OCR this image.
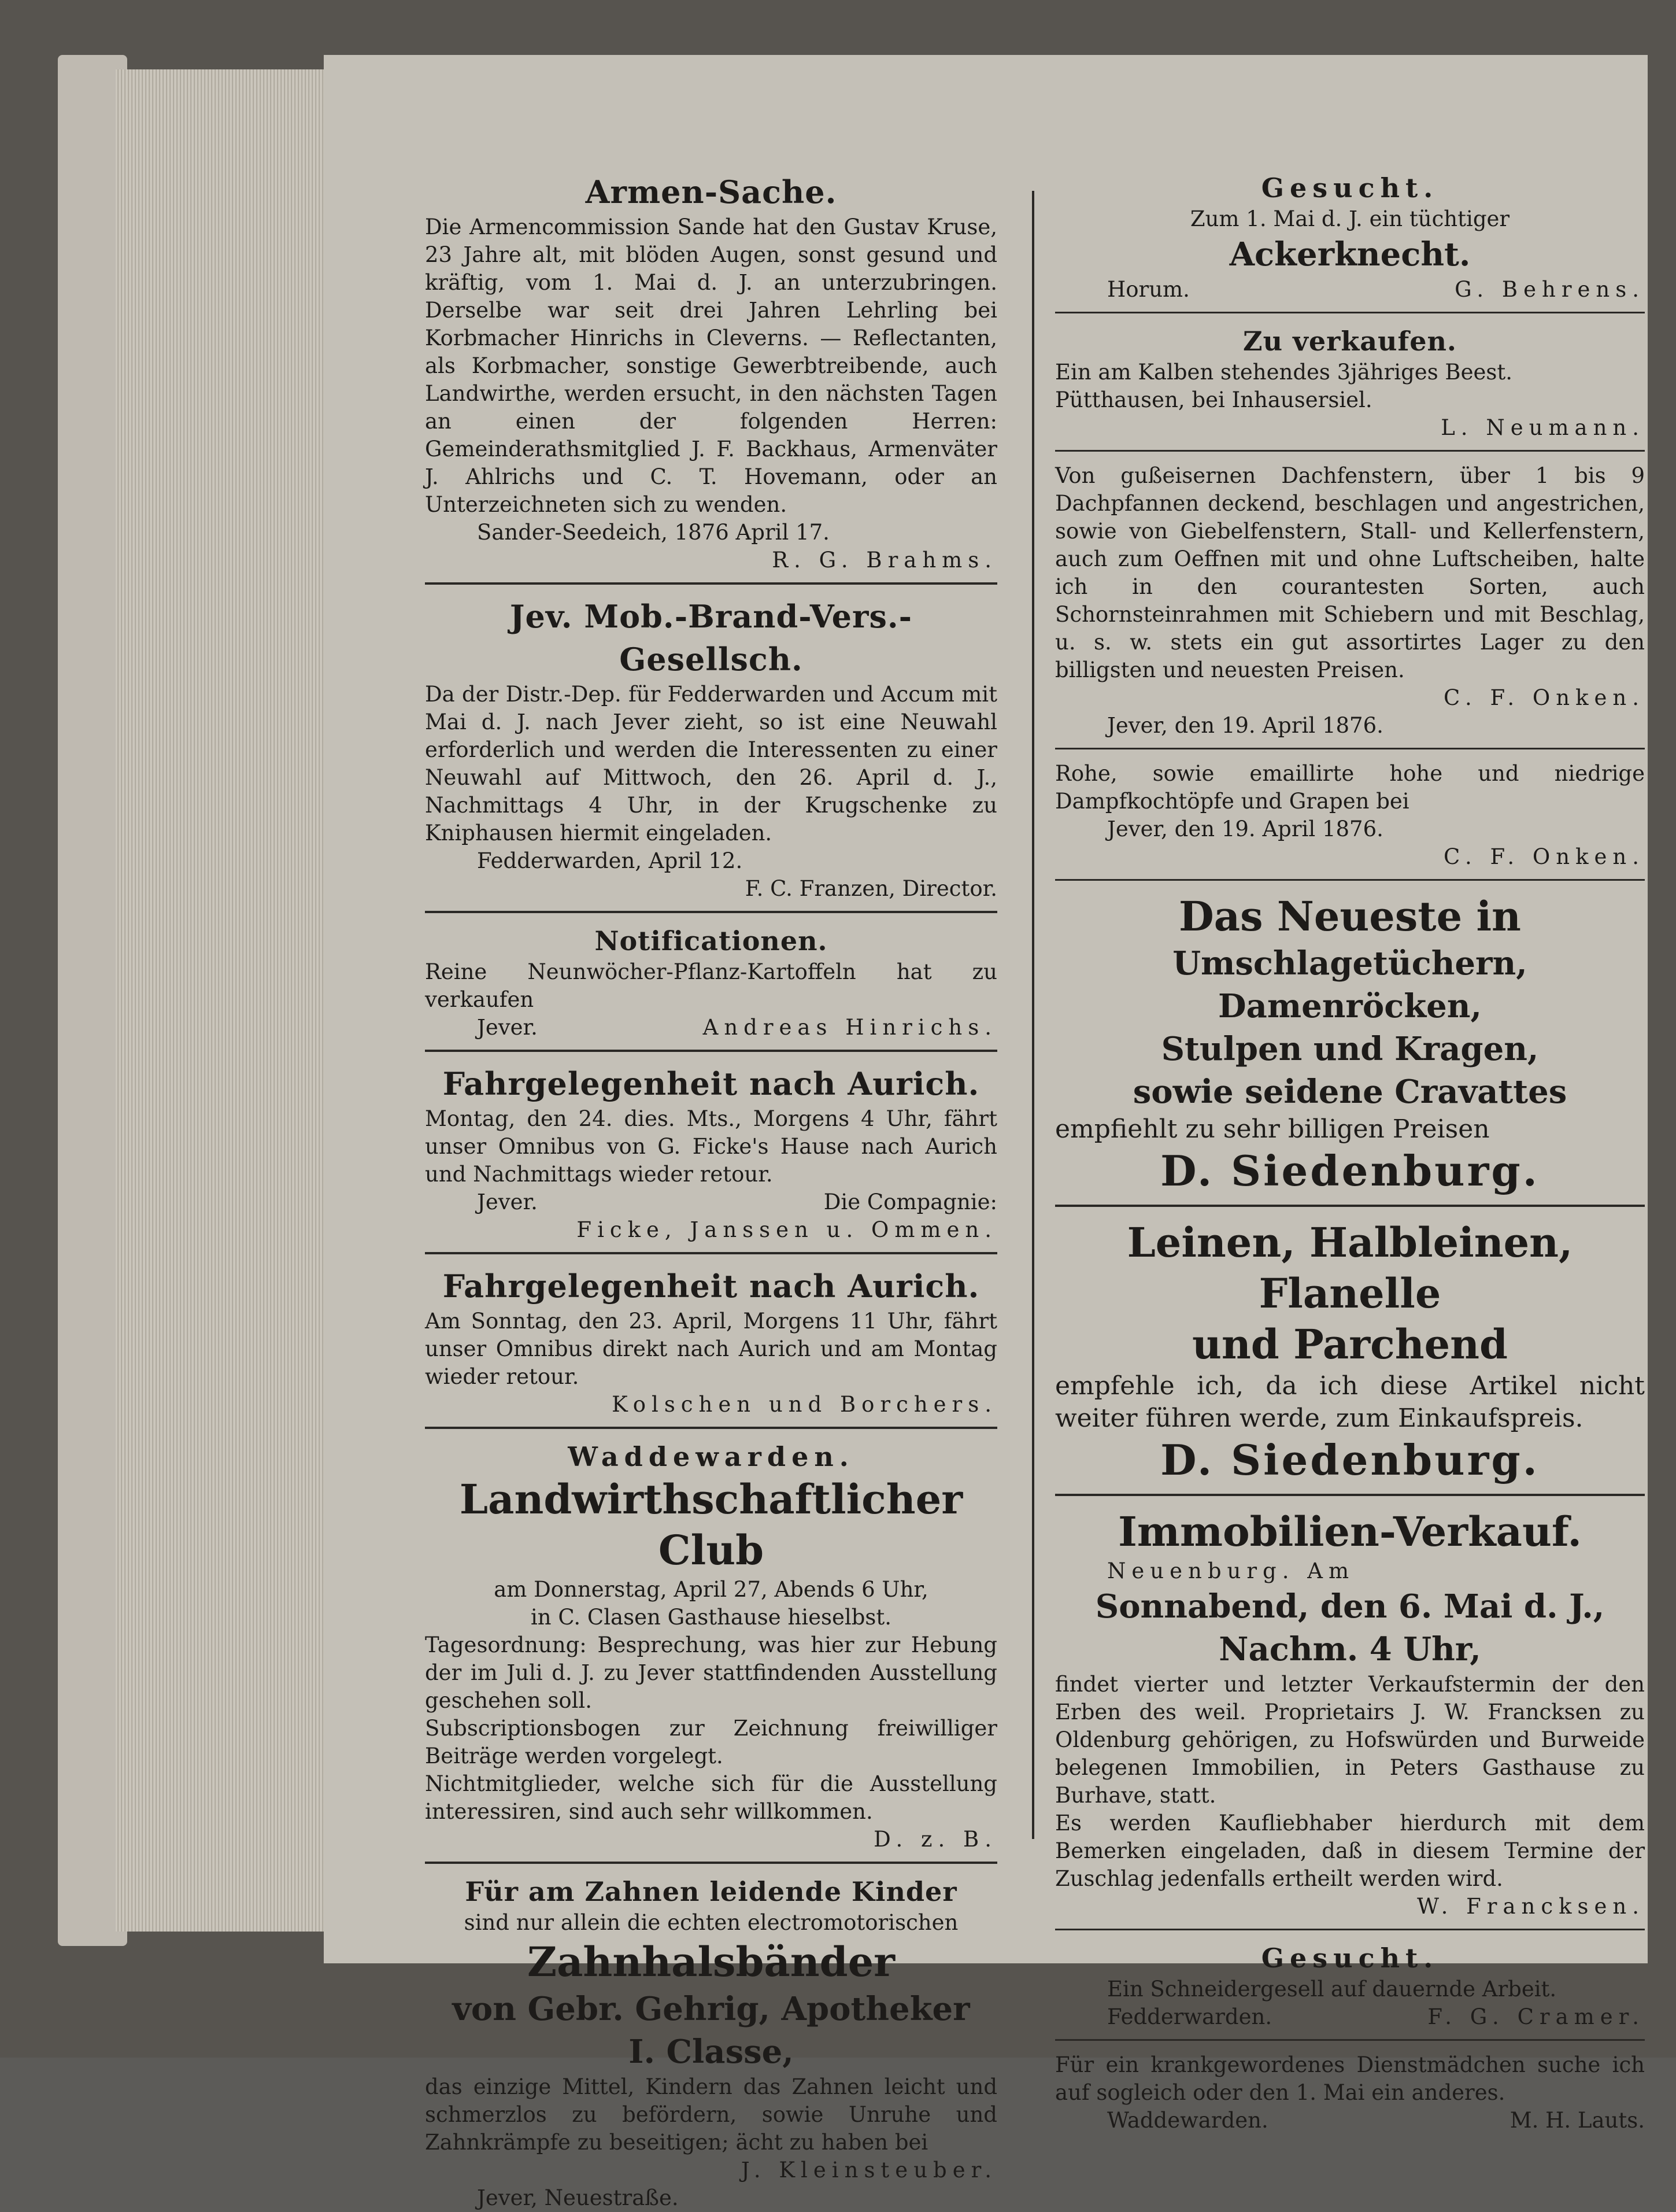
Armen-Sache.

Die Armencommission Sande hat den Gustav Kruse, 23 Jahre alt, mit blöden Augen, sonst gesund und kräftig, vom 1. Mai d. J. an unterzubringen. Derselbe war seit drei Jahren Lehrling bei Korbmacher Hinrichs in Cleverns. — Reflectanten, als Korbmacher, sonstige Gewerbtreibende, auch Landwirthe, werden ersucht, in den nächsten Tagen an einen der folgenden Herren: Gemeinderathsmitglied J. F. Backhaus, Armenväter J. Ahlrichs und C. T. Hovemann, oder an Unterzeichneten sich zu wenden.

Sander-Seedeich, 1876 April 17.

R. G. Brahms.
Jev. Mob.-Brand-Vers.-Gesellsch.

Da der Distr.-Dep. für Fedderwarden und Accum mit Mai d. J. nach Jever zieht, so ist eine Neuwahl erforderlich und werden die Interessenten zu einer Neuwahl auf Mittwoch, den 26. April d. J., Nachmittags 4 Uhr, in der Krugschenke zu Kniphausen hiermit eingeladen.

Fedderwarden, April 12.

F. C. Franzen, Director.
Notificationen.

Reine Neunwöcher-Pflanz-Kartoffeln hat zu verkaufen

Jever.	Andreas Hinrichs.
Fahrgelegenheit nach Aurich.

Montag, den 24. dies. Mts., Morgens 4 Uhr, fährt unser Omnibus von G. Ficke's Hause nach Aurich und Nachmittags wieder retour.

Jever.	Die Compagnie:
Ficke, Janssen u. Ommen.
Fahrgelegenheit nach Aurich.

Am Sonntag, den 23. April, Morgens 11 Uhr, fährt unser Omnibus direkt nach Aurich und am Montag wieder retour.

Kolschen und Borchers.
Waddewarden.
Landwirthschaftlicher Club

am Donnerstag, April 27, Abends 6 Uhr,

in C. Clasen Gasthause hieselbst.

Tagesordnung: Besprechung, was hier zur Hebung der im Juli d. J. zu Jever stattfindenden Ausstellung geschehen soll.

Subscriptionsbogen zur Zeichnung freiwilliger Beiträge werden vorgelegt.

Nichtmitglieder, welche sich für die Ausstellung interessiren, sind auch sehr willkommen.

D. z. B.
Für am Zahnen leidende Kinder

sind nur allein die echten electromotorischen

Zahnhalsbänder
von Gebr. Gehrig, Apotheker
I. Classe,

das einzige Mittel, Kindern das Zahnen leicht und schmerzlos zu befördern, sowie Unruhe und Zahnkrämpfe zu beseitigen; ächt zu haben bei

J. Kleinsteuber.

Jever, Neuestraße.

Gesucht.

Zum 1. Mai d. J. ein tüchtiger

Ackerknecht.
Horum.	G. Behrens.
Zu verkaufen.

Ein am Kalben stehendes 3jähriges Beest.

Pütthausen, bei Inhausersiel.

L. Neumann.

Von gußeisernen Dachfenstern, über 1 bis 9 Dachpfannen deckend, beschlagen und angestrichen, sowie von Giebelfenstern, Stall- und Kellerfenstern, auch zum Oeffnen mit und ohne Luftscheiben, halte ich in den courantesten Sorten, auch Schornsteinrahmen mit Schiebern und mit Beschlag, u. s. w. stets ein gut assortirtes Lager zu den billigsten und neuesten Preisen.

C. F. Onken.

Jever, den 19. April 1876.

Rohe, sowie emaillirte hohe und niedrige Dampfkochtöpfe und Grapen bei

Jever, den 19. April 1876.

C. F. Onken.
Das Neueste in
Umschlagetüchern,
Damenröcken,
Stulpen und Kragen,
sowie seidene Cravattes

empfiehlt zu sehr billigen Preisen

D. Siedenburg.
Leinen, Halbleinen, Flanelle
und Parchend

empfehle ich, da ich diese Artikel nicht weiter führen werde, zum Einkaufspreis.

D. Siedenburg.
Immobilien-Verkauf.

Neuenburg. Am

Sonnabend, den 6. Mai d. J.,
Nachm. 4 Uhr,

findet vierter und letzter Verkaufstermin der den Erben des weil. Proprietairs J. W. Francksen zu Oldenburg gehörigen, zu Hofswürden und Burweide belegenen Immobilien, in Peters Gasthause zu Burhave, statt.

Es werden Kaufliebhaber hierdurch mit dem Bemerken eingeladen, daß in diesem Termine der Zuschlag jedenfalls ertheilt werden wird.

W. Francksen.
Gesucht.

Ein Schneidergesell auf dauernde Arbeit.

Fedderwarden.	F. G. Cramer.

Für ein krankgewordenes Dienstmädchen suche ich auf sogleich oder den 1. Mai ein anderes.

Waddewarden.	M. H. Lauts.
